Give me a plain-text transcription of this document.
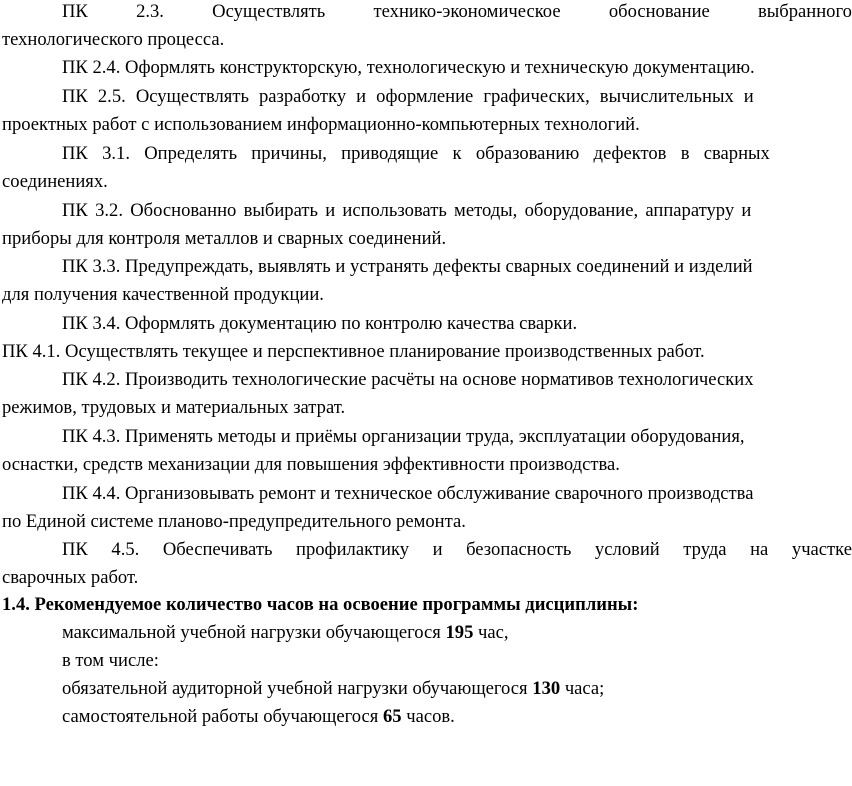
ПК	2.3.	Осуществлять	технико-экономическое	обоснование	выбранного
технологического процесса.
ПК 2.4. Оформлять конструкторскую, технологическую и техническую документацию.
ПК 2.5. Осуществлять разработку и оформление графических, вычислительных и
проектных работ с использованием информационно-компьютерных технологий.
ПК 3.1. Определять причины, приводящие к образованию дефектов в сварных
соединениях.
ПК 3.2. Обоснованно выбирать и использовать методы, оборудование, аппаратуру и
приборы для контроля металлов и сварных соединений.
ПК 3.3. Предупреждать, выявлять и устранять дефекты сварных соединений и изделий
для получения качественной продукции.
ПК 3.4. Оформлять документацию по контролю качества сварки.
ПК 4.1. Осуществлять текущее и перспективное планирование производственных работ.
ПК 4.2. Производить технологические расчёты на основе нормативов технологических
режимов, трудовых и материальных затрат.
ПК 4.3. Применять методы и приёмы организации труда, эксплуатации оборудования,
оснастки, средств механизации для повышения эффективности производства.
ПК 4.4. Организовывать ремонт и техническое обслуживание сварочного производства
по Единой системе планово-предупредительного ремонта.
ПК 4.5. Обеспечивать профилактику и безопасность условий труда на участке
сварочных работ.
1.4. Рекомендуемое количество часов на освоение программы дисциплины:
максимальной учебной нагрузки обучающегося 195 час,
в том числе:
обязательной аудиторной учебной нагрузки обучающегося 130 часа;
самостоятельной работы обучающегося 65 часов.
